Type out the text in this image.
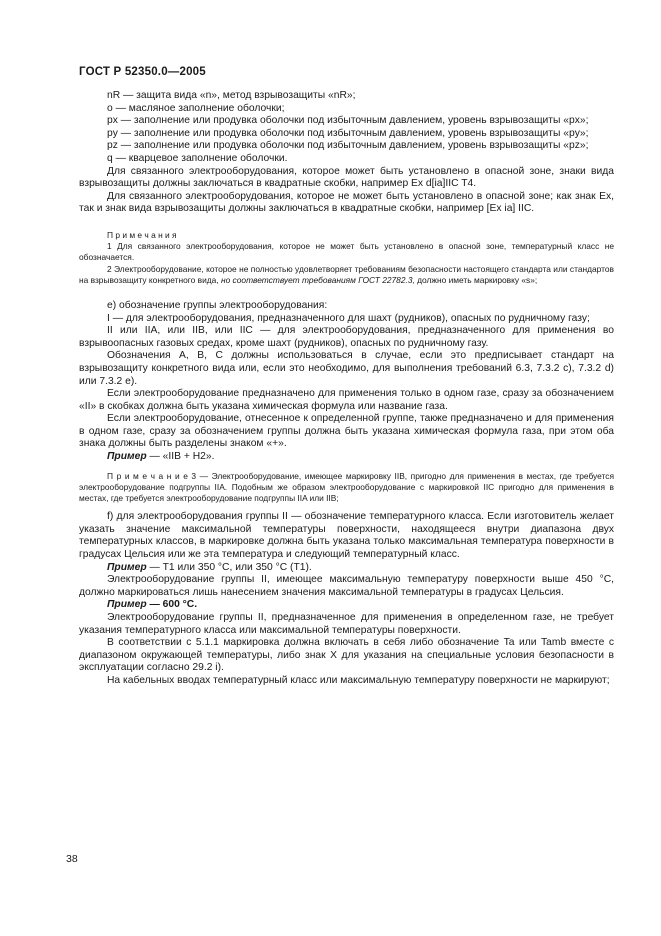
ГОСТ Р 52350.0—2005

nR — защита вида «n», метод взрывозащиты «nR»;

o — масляное заполнение оболочки;

px — заполнение или продувка оболочки под избыточным давлением, уровень взрывозащиты «px»;

py — заполнение или продувка оболочки под избыточным давлением, уровень взрывозащиты «py»;

pz — заполнение или продувка оболочки под избыточным давлением, уровень взрывозащиты «pz»;

q — кварцевое заполнение оболочки.

Для связанного электрооборудования, которое может быть установлено в опасной зоне, знаки вида взрывозащиты должны заключаться в квадратные скобки, например Ex d[ia]IIC T4.

Для связанного электрооборудования, которое не может быть установлено в опасной зоне; как знак Ex, так и знак вида взрывозащиты должны заключаться в квадратные скобки, например [Ex ia] IIC.

П р и м е ч а н и я

1 Для связанного электрооборудования, которое не может быть установлено в опасной зоне, температурный класс не обозначается.

2 Электрооборудование, которое не полностью удовлетворяет требованиям безопасности настоящего стандарта или стандартов на взрывозащиту конкретного вида, но соответствует требованиям ГОСТ 22782.3, должно иметь маркировку «s»;

е) обозначение группы электрооборудования:

I — для электрооборудования, предназначенного для шахт (рудников), опасных по рудничному газу;

II или IIA, или IIB, или IIC — для электрооборудования, предназначенного для применения во взрывоопасных газовых средах, кроме шахт (рудников), опасных по рудничному газу.

Обозначения A, B, C должны использоваться в случае, если это предписывает стандарт на взрывозащиту конкретного вида или, если это необходимо, для выполнения требований 6.3, 7.3.2 с), 7.3.2 d) или 7.3.2 е).

Если электрооборудование предназначено для применения только в одном газе, сразу за обозначением «II» в скобках должна быть указана химическая формула или название газа.

Если электрооборудование, отнесенное к определенной группе, также предназначено и для применения в одном газе, сразу за обозначением группы должна быть указана химическая формула газа, при этом оба знака должны быть разделены знаком «+».

Пример — «IIB + H2».

П р и м е ч а н и е 3 — Электрооборудование, имеющее маркировку IIB, пригодно для применения в местах, где требуется электрооборудование подгруппы IIA. Подобным же образом электрооборудование с маркировкой IIC пригодно для применения в местах, где требуется электрооборудование подгруппы IIA или IIB;

f) для электрооборудования группы II — обозначение температурного класса. Если изготовитель желает указать значение максимальной температуры поверхности, находящееся внутри диапазона двух температурных классов, в маркировке должна быть указана только максимальная температура поверхности в градусах Цельсия или же эта температура и следующий температурный класс.

Пример — T1 или 350 °C, или 350 °C (T1).

Электрооборудование группы II, имеющее максимальную температуру поверхности выше 450 °C, должно маркироваться лишь нанесением значения максимальной температуры в градусах Цельсия.

Пример — 600 °C.

Электрооборудование группы II, предназначенное для применения в определенном газе, не требует указания температурного класса или максимальной температуры поверхности.

В соответствии с 5.1.1 маркировка должна включать в себя либо обозначение Ta или Tamb вместе с диапазоном окружающей температуры, либо знак X для указания на специальные условия безопасности в эксплуатации согласно 29.2 i).

На кабельных вводах температурный класс или максимальную температуру поверхности не маркируют;

38
